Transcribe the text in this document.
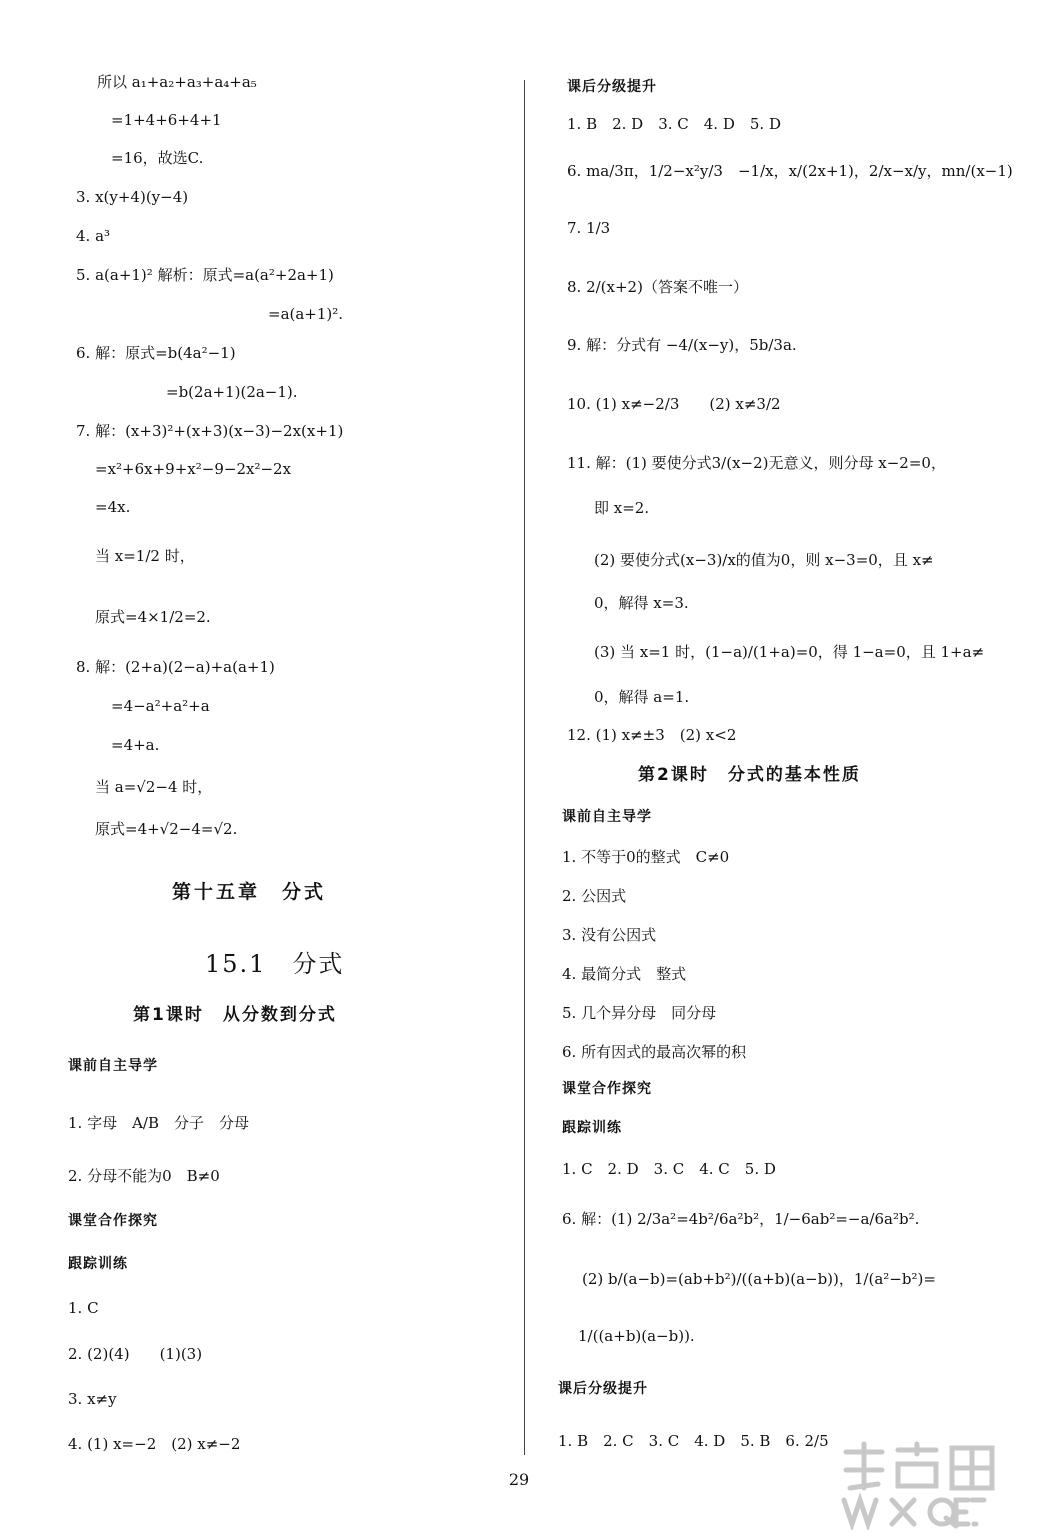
所以 a₁+a₂+a₃+a₄+a₅
=1+4+6+4+1
=16，故选C.
3. x(y+4)(y−4)
4. a³
5. a(a+1)² 解析：原式=a(a²+2a+1)
=a(a+1)².
6. 解：原式=b(4a²−1)
=b(2a+1)(2a−1).
7. 解：(x+3)²+(x+3)(x−3)−2x(x+1)
=x²+6x+9+x²−9−2x²−2x
=4x.
当 x=1/2 时，
原式=4×1/2=2.
8. 解：(2+a)(2−a)+a(a+1)
=4−a²+a²+a
=4+a.
当 a=√2−4 时，
原式=4+√2−4=√2.
第十五章　分式
15.1　分式
第1课时　从分数到分式
课前自主导学
1. 字母　A/B　分子　分母
2. 分母不能为0　B≠0
课堂合作探究
跟踪训练
1. C
2. (2)(4)　　(1)(3)
3. x≠y
4. (1) x=−2　(2) x≠−2
课后分级提升
1. B　2. D　3. C　4. D　5. D
6. ma/3π，1/2−x²y/3　−1/x，x/(2x+1)，2/x−x/y，mn/(x−1)
7. 1/3
8. 2/(x+2)（答案不唯一）
9. 解：分式有 −4/(x−y)，5b/3a.
10. (1) x≠−2/3　　(2) x≠3/2
11. 解：(1) 要使分式3/(x−2)无意义，则分母 x−2=0，
即 x=2.
(2) 要使分式(x−3)/x的值为0，则 x−3=0，且 x≠
0，解得 x=3.
(3) 当 x=1 时，(1−a)/(1+a)=0，得 1−a=0，且 1+a≠
0，解得 a=1.
12. (1) x≠±3　(2) x<2
第2课时　分式的基本性质
课前自主导学
1. 不等于0的整式　C≠0
2. 公因式
3. 没有公因式
4. 最简分式　整式
5. 几个异分母　同分母
6. 所有因式的最高次幂的积
课堂合作探究
跟踪训练
1. C　2. D　3. C　4. C　5. D
6. 解：(1) 2/3a²=4b²/6a²b²，1/−6ab²=−a/6a²b².
(2) b/(a−b)=(ab+b²)/((a+b)(a−b))，1/(a²−b²)=
1/((a+b)(a−b)).
课后分级提升
1. B　2. C　3. C　4. D　5. B　6. 2/5
29
